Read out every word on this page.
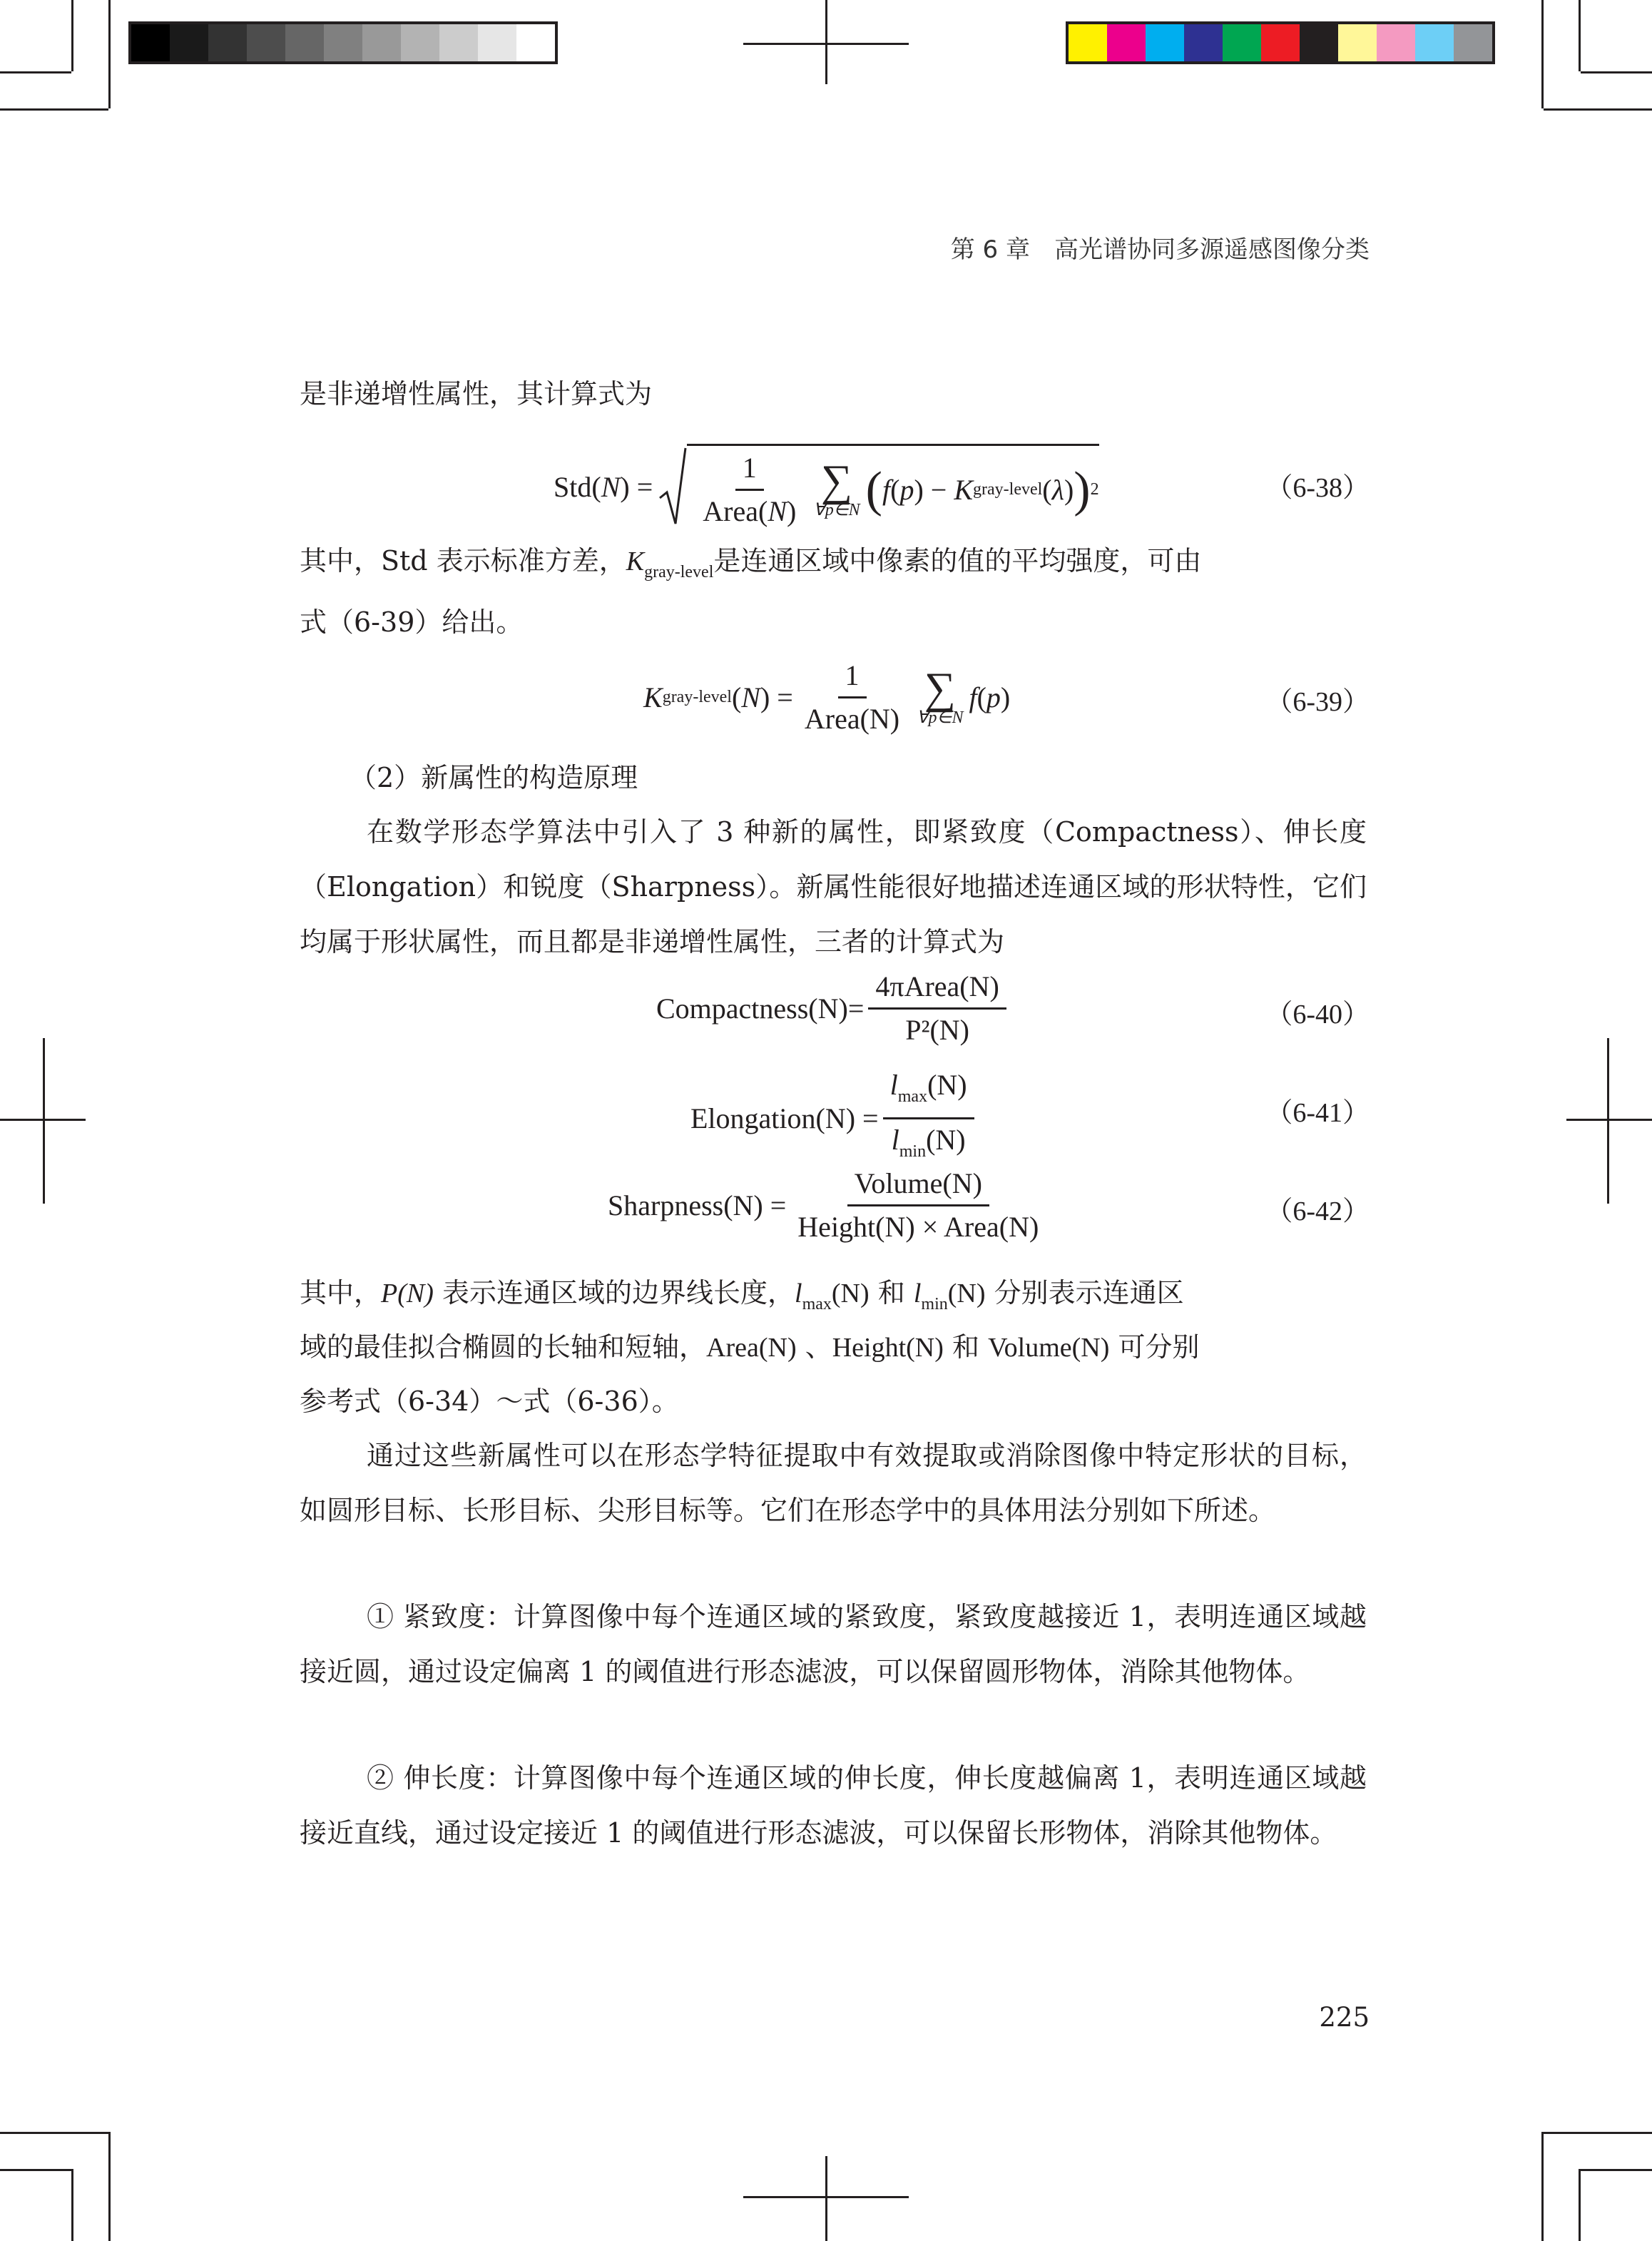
第 6 章　高光谱协同多源遥感图像分类
是非递增性属性，其计算式为
$Std(N) = \frac{1}{\text{Area(N)}}$ ∑
∀p∈N ( f ( p ) −
K gray-level ( λ ) ) 2	（6-38）
其中，Std 表示标准方差，$K_{gray-level}$是连通区域中像素的值的平均强度，可由
式（6-39）给出。
K gray-level ( N ) = $\frac{1}{\text{Area(N)}}$ ∑
∀p∈N
f ( p )	（6-39）
（2）新属性的构造原理
在数学形态学算法中引入了 3 种新的属性，即紧致度（Compactness）、伸长度（Elongation）和锐度（Sharpness）。新属性能很好地描述连通区域的形状特性，它们均属于形状属性，而且都是非递增性属性，三者的计算式为
Compactness(N)= $\frac{\text{4πArea(N)}}{\text{P²(N)}}$	（6-40）
Elongation(N) = $\frac{l_{max}(N)}{l_{min}(N)}$	（6-41）
Sharpness(N) = $\frac{\text{Volume(N)}}{\text{Height(N) × Area(N)}}$	（6-42）
其中，P(N) 表示连通区域的边界线长度，$l_{max}(N)$ 和 $l_{min}(N)$ 分别表示连通区
域的最佳拟合椭圆的长轴和短轴，Area(N) 、Height(N) 和 Volume(N) 可分别
参考式（6-34）～式（6-36）。
通过这些新属性可以在形态学特征提取中有效提取或消除图像中特定形状的目标，如圆形目标、长形目标、尖形目标等。它们在形态学中的具体用法分别如下所述。
① 紧致度：计算图像中每个连通区域的紧致度，紧致度越接近 1，表明连通区域越接近圆，通过设定偏离 1 的阈值进行形态滤波，可以保留圆形物体，消除其他物体。
② 伸长度：计算图像中每个连通区域的伸长度，伸长度越偏离 1，表明连通区域越接近直线，通过设定接近 1 的阈值进行形态滤波，可以保留长形物体，消除其他物体。
225
